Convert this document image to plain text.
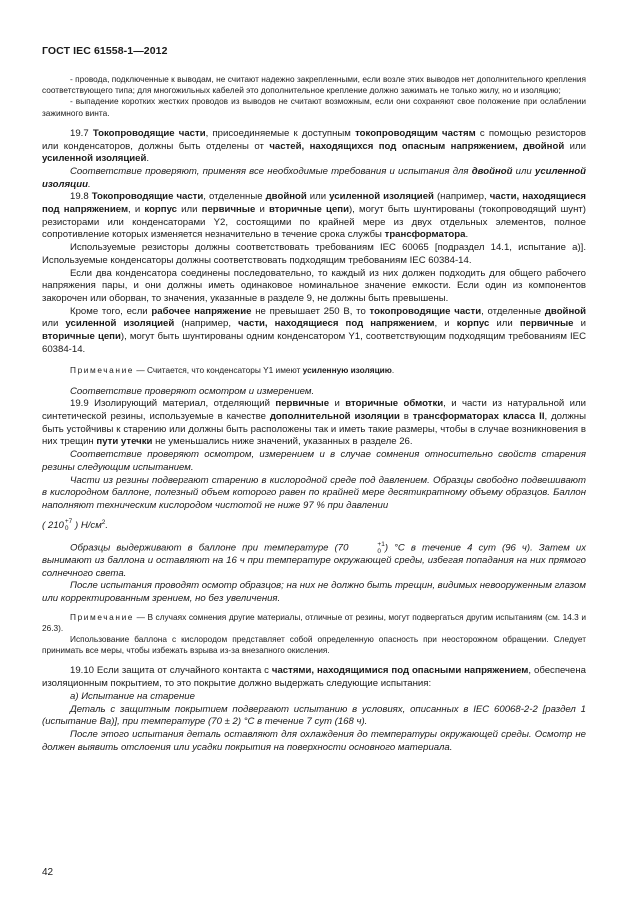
ГОСТ IEC 61558-1—2012

- провода, подключенные к выводам, не считают надежно закрепленными, если возле этих выводов нет дополнительного крепления соответствующего типа; для многожильных кабелей это дополнительное крепление должно зажимать не только жилу, но и изоляцию;

- выпадение коротких жестких проводов из выводов не считают возможным, если они сохраняют свое положение при ослаблении зажимного винта.

19.7 Токопроводящие части, присоединяемые к доступным токопроводящим частям с помощью резисторов или конденсаторов, должны быть отделены от частей, находящихся под опасным напряжением, двойной или усиленной изоляцией.

Соответствие проверяют, применяя все необходимые требования и испытания для двойной или усиленной изоляции.

19.8 Токопроводящие части, отделенные двойной или усиленной изоляцией (например, части, находящиеся под напряжением, и корпус или первичные и вторичные цепи), могут быть шунтированы (токопроводящий шунт) резисторами или конденсаторами Y2, состоящими по крайней мере из двух отдельных элементов, полное сопротивление которых изменяется незначительно в течение срока службы трансформатора.

Используемые резисторы должны соответствовать требованиям IEC 60065 [подраздел 14.1, испытание а)]. Используемые конденсаторы должны соответствовать подходящим требованиям IEC 60384-14.

Если два конденсатора соединены последовательно, то каждый из них должен подходить для общего рабочего напряжения пары, и они должны иметь одинаковое номинальное значение емкости. Если один из компонентов закорочен или оборван, то значения, указанные в разделе 9, не должны быть превышены.

Кроме того, если рабочее напряжение не превышает 250 В, то токопроводящие части, отделенные двойной или усиленной изоляцией (например, части, находящиеся под напряжением, и корпус или первичные и вторичные цепи), могут быть шунтированы одним конденсатором Y1, соответствующим подходящим требованиям IEC 60384-14.

Примечание — Считается, что конденсаторы Y1 имеют усиленную изоляцию.

Соответствие проверяют осмотром и измерением.

19.9 Изолирующий материал, отделяющий первичные и вторичные обмотки, и части из натуральной или синтетической резины, используемые в качестве дополнительной изоляции в трансформаторах класса II, должны быть устойчивы к старению или должны быть расположены так и иметь такие размеры, чтобы в случае возникновения в них трещин пути утечки не уменьшались ниже значений, указанных в разделе 26.

Соответствие проверяют осмотром, измерением и в случае сомнения относительно свойств старения резины следующим испытанием.

Части из резины подвергают старению в кислородной среде под давлением. Образцы свободно подвешивают в кислородном баллоне, полезный объем которого равен по крайней мере десятикратному объему образцов. Баллон наполняют техническим кислородом чистотой не ниже 97 % при давлении

( 210 +7
0 ) $Н/см^2$.

Образцы выдерживают в баллоне при температуре (70	+1
0 ) °С в течение 4 сут (96 ч). Затем их вынимают из баллона и оставляют на 16 ч при температуре окружающей среды, избегая попадания на них прямого солнечного света.

После испытания проводят осмотр образцов; на них не должно быть трещин, видимых невооруженным глазом или корректированным зрением, но без увеличения.

Примечание — В случаях сомнения другие материалы, отличные от резины, могут подвергаться другим испытаниям (см. 14.3 и 26.3).

Использование баллона с кислородом представляет собой определенную опасность при неосторожном обращении. Следует принимать все меры, чтобы избежать взрыва из-за внезапного окисления.

19.10 Если защита от случайного контакта с частями, находящимися под опасными напряжением, обеспечена изоляционным покрытием, то это покрытие должно выдержать следующие испытания:

а) Испытание на старение

Деталь с защитным покрытием подвергают испытанию в условиях, описанных в IEC 60068-2-2 [раздел 1 (испытание Ва)], при температуре (70 ± 2) °С в течение 7 сут (168 ч).

После этого испытания деталь оставляют для охлаждения до температуры окружающей среды. Осмотр не должен выявить отслоения или усадки покрытия на поверхности основного материала.

42
